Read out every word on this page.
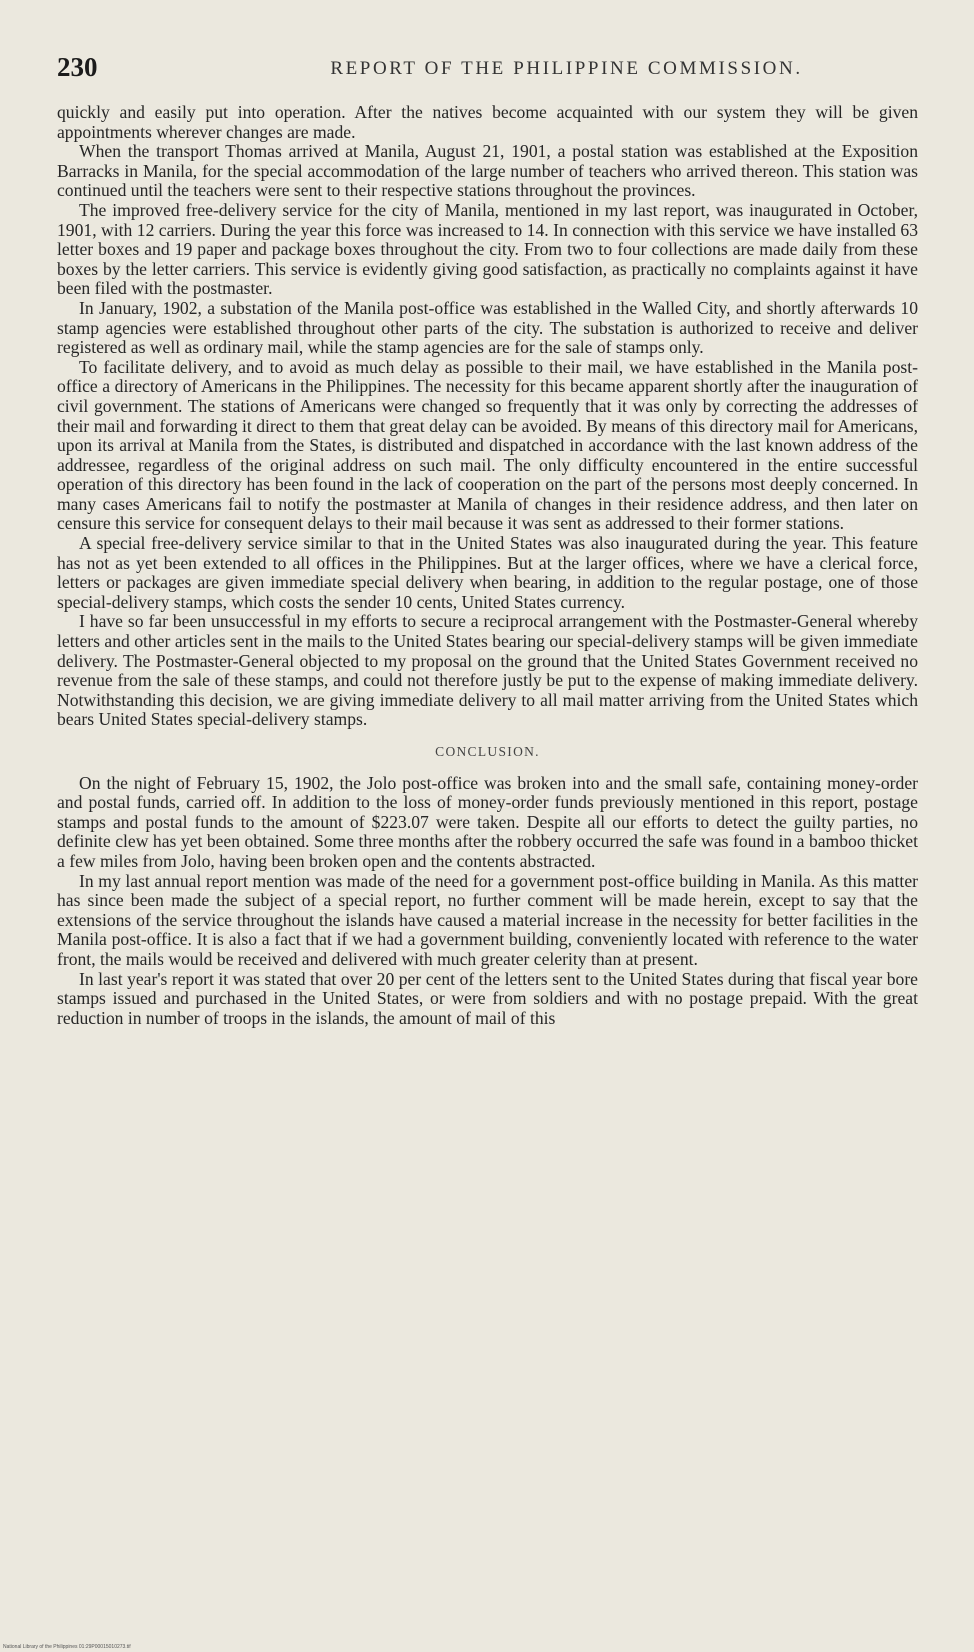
230	REPORT OF THE PHILIPPINE COMMISSION.

quickly and easily put into operation. After the natives become acquainted with our system they will be given appointments wherever changes are made.

When the transport Thomas arrived at Manila, August 21, 1901, a postal station was established at the Exposition Barracks in Manila, for the special accommodation of the large number of teachers who arrived thereon. This station was continued until the teachers were sent to their respective stations throughout the provinces.

The improved free-delivery service for the city of Manila, mentioned in my last report, was inaugurated in October, 1901, with 12 carriers. During the year this force was increased to 14. In connection with this service we have installed 63 letter boxes and 19 paper and package boxes throughout the city. From two to four collections are made daily from these boxes by the letter carriers. This service is evidently giving good satisfaction, as practically no complaints against it have been filed with the postmaster.

In January, 1902, a substation of the Manila post-office was established in the Walled City, and shortly afterwards 10 stamp agencies were established throughout other parts of the city. The substation is authorized to receive and deliver registered as well as ordinary mail, while the stamp agencies are for the sale of stamps only.

To facilitate delivery, and to avoid as much delay as possible to their mail, we have established in the Manila post-office a directory of Americans in the Philippines. The necessity for this became apparent shortly after the inauguration of civil government. The stations of Americans were changed so frequently that it was only by correcting the addresses of their mail and forwarding it direct to them that great delay can be avoided. By means of this directory mail for Americans, upon its arrival at Manila from the States, is distributed and dispatched in accordance with the last known address of the addressee, regardless of the original address on such mail. The only difficulty encountered in the entire successful operation of this directory has been found in the lack of cooperation on the part of the persons most deeply concerned. In many cases Americans fail to notify the postmaster at Manila of changes in their residence address, and then later on censure this service for consequent delays to their mail because it was sent as addressed to their former stations.

A special free-delivery service similar to that in the United States was also inaugurated during the year. This feature has not as yet been extended to all offices in the Philippines. But at the larger offices, where we have a clerical force, letters or packages are given immediate special delivery when bearing, in addition to the regular postage, one of those special-delivery stamps, which costs the sender 10 cents, United States currency.

I have so far been unsuccessful in my efforts to secure a reciprocal arrangement with the Postmaster-General whereby letters and other articles sent in the mails to the United States bearing our special-delivery stamps will be given immediate delivery. The Postmaster-General objected to my proposal on the ground that the United States Government received no revenue from the sale of these stamps, and could not therefore justly be put to the expense of making immediate delivery. Notwithstanding this decision, we are giving immediate delivery to all mail matter arriving from the United States which bears United States special-delivery stamps.

CONCLUSION.

On the night of February 15, 1902, the Jolo post-office was broken into and the small safe, containing money-order and postal funds, carried off. In addition to the loss of money-order funds previously mentioned in this report, postage stamps and postal funds to the amount of $223.07 were taken. Despite all our efforts to detect the guilty parties, no definite clew has yet been obtained. Some three months after the robbery occurred the safe was found in a bamboo thicket a few miles from Jolo, having been broken open and the contents abstracted.

In my last annual report mention was made of the need for a government post-office building in Manila. As this matter has since been made the subject of a special report, no further comment will be made herein, except to say that the extensions of the service throughout the islands have caused a material increase in the necessity for better facilities in the Manila post-office. It is also a fact that if we had a government building, conveniently located with reference to the water front, the mails would be received and delivered with much greater celerity than at present.

In last year's report it was stated that over 20 per cent of the letters sent to the United States during that fiscal year bore stamps issued and purchased in the United States, or were from soldiers and with no postage prepaid. With the great reduction in number of troops in the islands, the amount of mail of this

National Library of the Philippines 01:29P00015010273.tif
